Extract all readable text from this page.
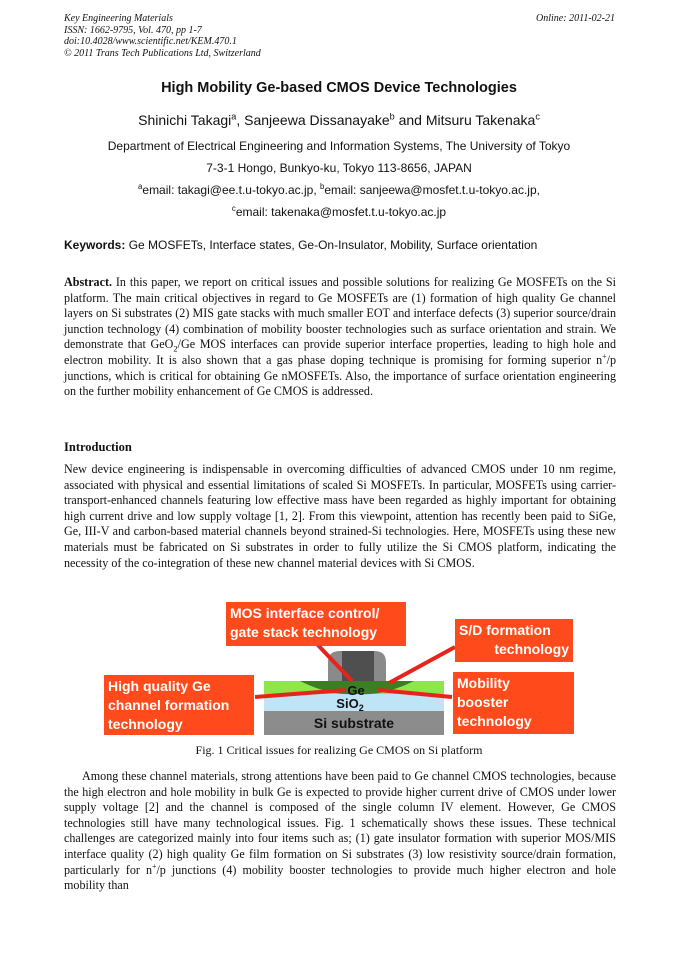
Key Engineering Materials
ISSN: 1662-9795, Vol. 470, pp 1-7
doi:10.4028/www.scientific.net/KEM.470.1
© 2011 Trans Tech Publications Ltd, Switzerland
Online: 2011-02-21
High Mobility Ge-based CMOS Device Technologies
Shinichi Takagi$^a$, Sanjeewa Dissanayake$^b$ and Mitsuru Takenaka$^c$
Department of Electrical Engineering and Information Systems, The University of Tokyo
7-3-1 Hongo, Bunkyo-ku, Tokyo 113-8656, JAPAN
$^a$email: takagi@ee.t.u-tokyo.ac.jp, $^b$email: sanjeewa@mosfet.t.u-tokyo.ac.jp,
$^c$email: takenaka@mosfet.t.u-tokyo.ac.jp
Keywords: Ge MOSFETs, Interface states, Ge-On-Insulator, Mobility, Surface orientation

Abstract. In this paper, we report on critical issues and possible solutions for realizing Ge MOSFETs on the Si platform. The main critical objectives in regard to Ge MOSFETs are (1) formation of high quality Ge channel layers on Si substrates (2) MIS gate stacks with much smaller EOT and interface defects (3) superior source/drain junction technology (4) combination of mobility booster technologies such as surface orientation and strain. We demonstrate that GeO$_2$/Ge MOS interfaces can provide superior interface properties, leading to high hole and electron mobility. It is also shown that a gas phase doping technique is promising for forming superior n+/p junctions, which is critical for obtaining Ge nMOSFETs. Also, the importance of surface orientation engineering on the further mobility enhancement of Ge CMOS is addressed.

Introduction

New device engineering is indispensable in overcoming difficulties of advanced CMOS under 10 nm regime, associated with physical and essential limitations of scaled Si MOSFETs. In particular, MOSFETs using carrier-transport-enhanced channels featuring low effective mass have been regarded as highly important for obtaining high current drive and low supply voltage [1, 2]. From this viewpoint, attention has recently been paid to SiGe, Ge, III-V and carbon-based material channels beyond strained-Si technologies. Here, MOSFETs using these new materials must be fabricated on Si substrates in order to fully utilize the Si CMOS platform, indicating the necessity of the co-integration of these new channel material devices with Si CMOS.

Ge
SiO$_2$
Si substrate
MOS interface control/
gate stack technology	S/D formation
technology
High quality Ge
channel formation
technology
Mobility
booster
technology
Fig. 1 Critical issues for realizing Ge CMOS on Si platform

Among these channel materials, strong attentions have been paid to Ge channel CMOS technologies, because the high electron and hole mobility in bulk Ge is expected to provide higher current drive of CMOS under lower supply voltage [2] and the channel is composed of the single column IV element. However, Ge CMOS technologies still have many technological issues. Fig. 1 schematically shows these issues. These technical challenges are categorized mainly into four items such as; (1) gate insulator formation with superior MOS/MIS interface quality (2) high quality Ge film formation on Si substrates (3) low resistivity source/drain formation, particularly for n+/p junctions (4) mobility booster technologies to provide much higher electron and hole mobility than
